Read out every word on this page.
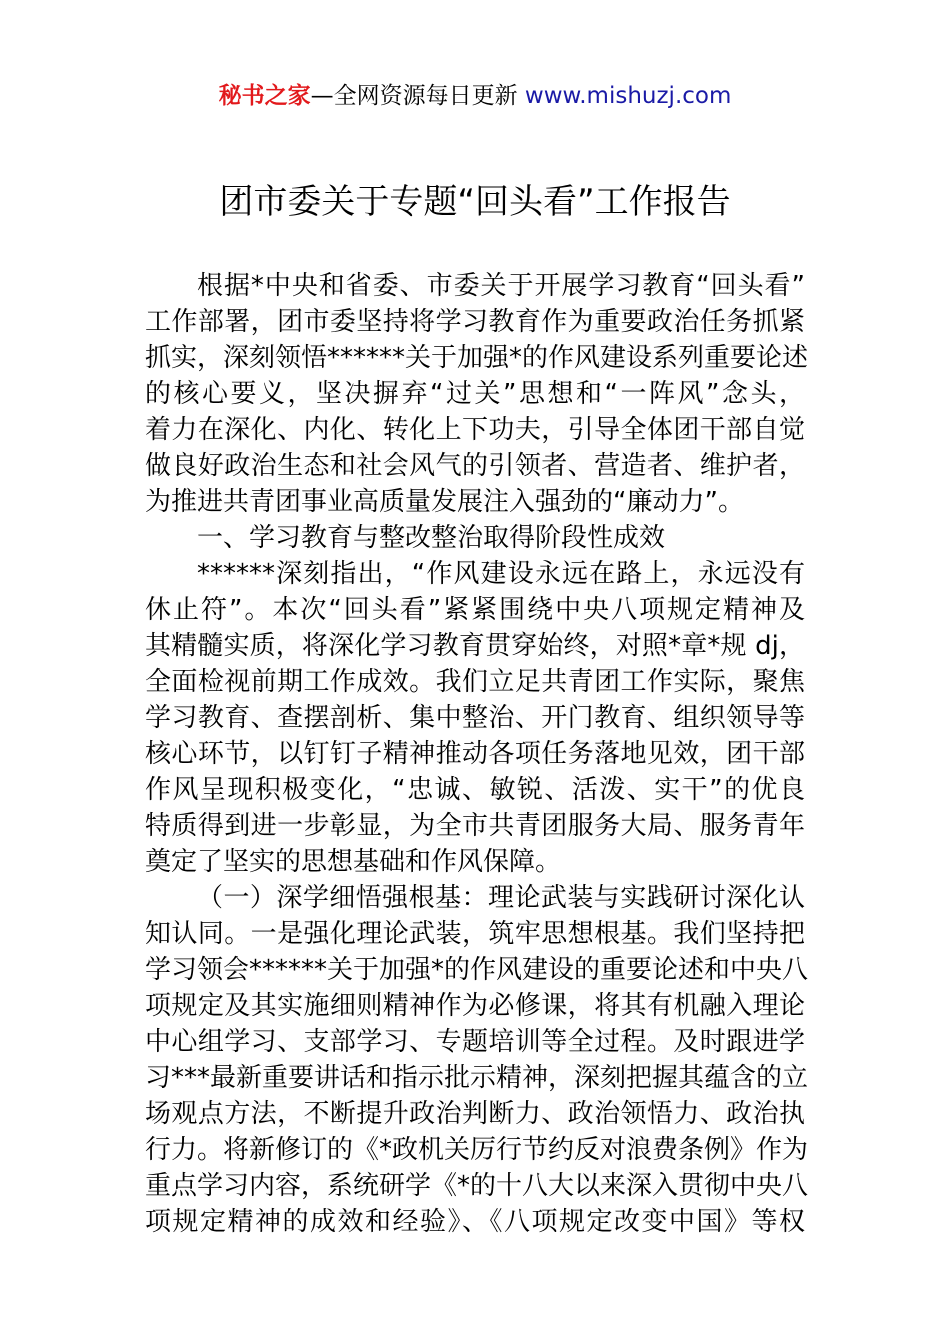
秘书之家—全网资源每日更新 www.mishuzj.com
团市委关于专题“回头看”工作报告
根据*中央和省委、市委关于开展学习教育“回头看”
工作部署，团市委坚持将学习教育作为重要政治任务抓紧
抓实，深刻领悟******关于加强*的作风建设系列重要论述
的核心要义，坚决摒弃“过关”思想和“一阵风”念头，
着力在深化、内化、转化上下功夫，引导全体团干部自觉
做良好政治生态和社会风气的引领者、营造者、维护者，
为推进共青团事业高质量发展注入强劲的“廉动力”。
一、学习教育与整改整治取得阶段性成效
******深刻指出，“作风建设永远在路上，永远没有
休止符”。本次“回头看”紧紧围绕中央八项规定精神及
其精髓实质，将深化学习教育贯穿始终，对照*章*规 dj，
全面检视前期工作成效。我们立足共青团工作实际，聚焦
学习教育、查摆剖析、集中整治、开门教育、组织领导等
核心环节，以钉钉子精神推动各项任务落地见效，团干部
作风呈现积极变化，“忠诚、敏锐、活泼、实干”的优良
特质得到进一步彰显，为全市共青团服务大局、服务青年
奠定了坚实的思想基础和作风保障。
（一）深学细悟强根基：理论武装与实践研讨深化认
知认同。一是强化理论武装，筑牢思想根基。我们坚持把
学习领会******关于加强*的作风建设的重要论述和中央八
项规定及其实施细则精神作为必修课，将其有机融入理论
中心组学习、支部学习、专题培训等全过程。及时跟进学
习***最新重要讲话和指示批示精神，深刻把握其蕴含的立
场观点方法，不断提升政治判断力、政治领悟力、政治执
行力。将新修订的《*政机关厉行节约反对浪费条例》作为
重点学习内容，系统研学《*的十八大以来深入贯彻中央八
项规定精神的成效和经验》、《八项规定改变中国》等权
